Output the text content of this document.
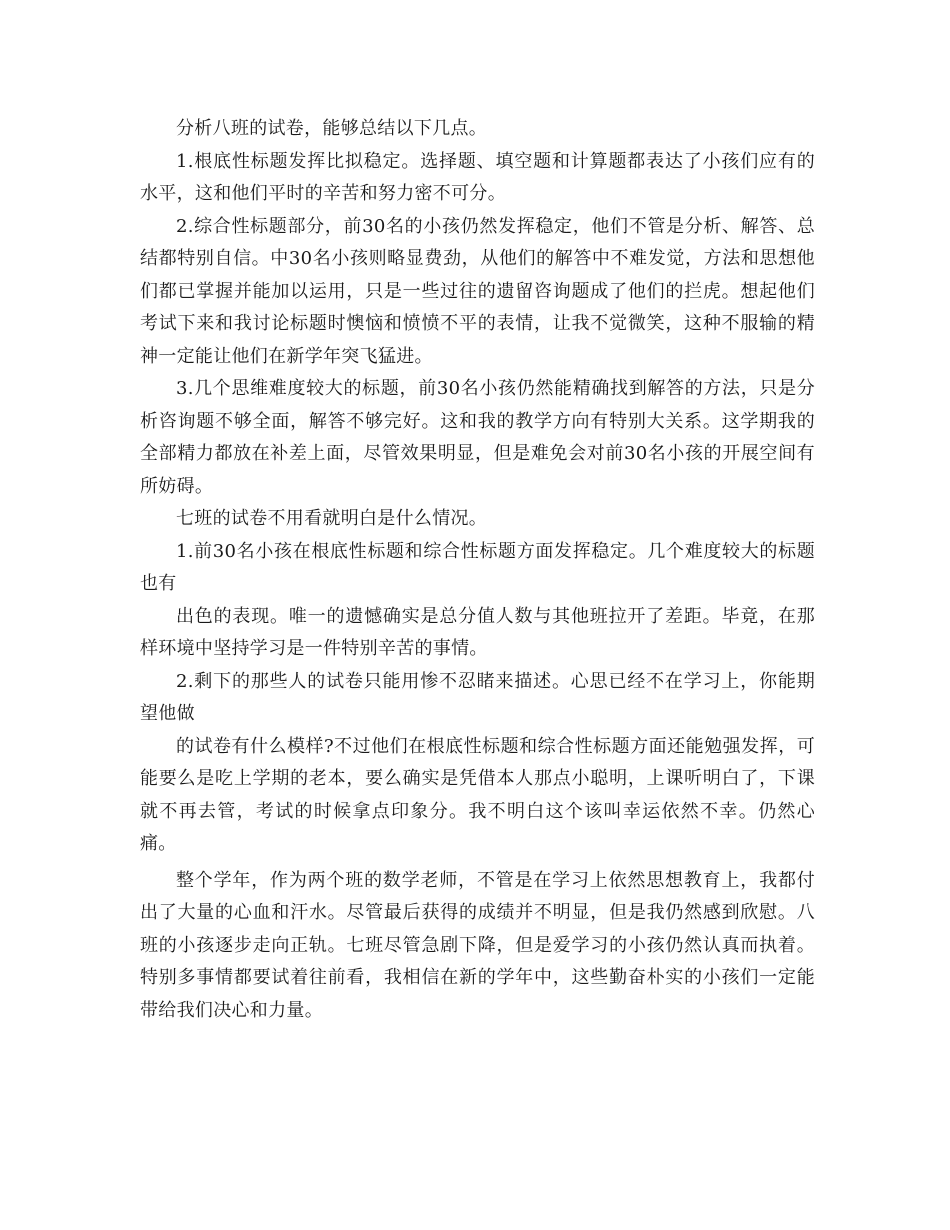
分析八班的试卷，能够总结以下几点。

1.根底性标题发挥比拟稳定。选择题、填空题和计算题都表达了小孩们应有的水平，这和他们平时的辛苦和努力密不可分。

2.综合性标题部分，前30名的小孩仍然发挥稳定，他们不管是分析、解答、总结都特别自信。中30名小孩则略显费劲，从他们的解答中不难发觉，方法和思想他们都已掌握并能加以运用，只是一些过往的遗留咨询题成了他们的拦虎。想起他们考试下来和我讨论标题时懊恼和愤愤不平的表情，让我不觉微笑，这种不服输的精神一定能让他们在新学年突飞猛进。

3.几个思维难度较大的标题，前30名小孩仍然能精确找到解答的方法，只是分析咨询题不够全面，解答不够完好。这和我的教学方向有特别大关系。这学期我的全部精力都放在补差上面，尽管效果明显，但是难免会对前30名小孩的开展空间有所妨碍。

七班的试卷不用看就明白是什么情况。

1.前30名小孩在根底性标题和综合性标题方面发挥稳定。几个难度较大的标题也有

出色的表现。唯一的遗憾确实是总分值人数与其他班拉开了差距。毕竟，在那样环境中坚持学习是一件特别辛苦的事情。

2.剩下的那些人的试卷只能用惨不忍睹来描述。心思已经不在学习上，你能期望他做

的试卷有什么模样?不过他们在根底性标题和综合性标题方面还能勉强发挥，可能要么是吃上学期的老本，要么确实是凭借本人那点小聪明，上课听明白了，下课就不再去管，考试的时候拿点印象分。我不明白这个该叫幸运依然不幸。仍然心痛。

整个学年，作为两个班的数学老师，不管是在学习上依然思想教育上，我都付出了大量的心血和汗水。尽管最后获得的成绩并不明显，但是我仍然感到欣慰。八班的小孩逐步走向正轨。七班尽管急剧下降，但是爱学习的小孩仍然认真而执着。特别多事情都要试着往前看，我相信在新的学年中，这些勤奋朴实的小孩们一定能带给我们决心和力量。
